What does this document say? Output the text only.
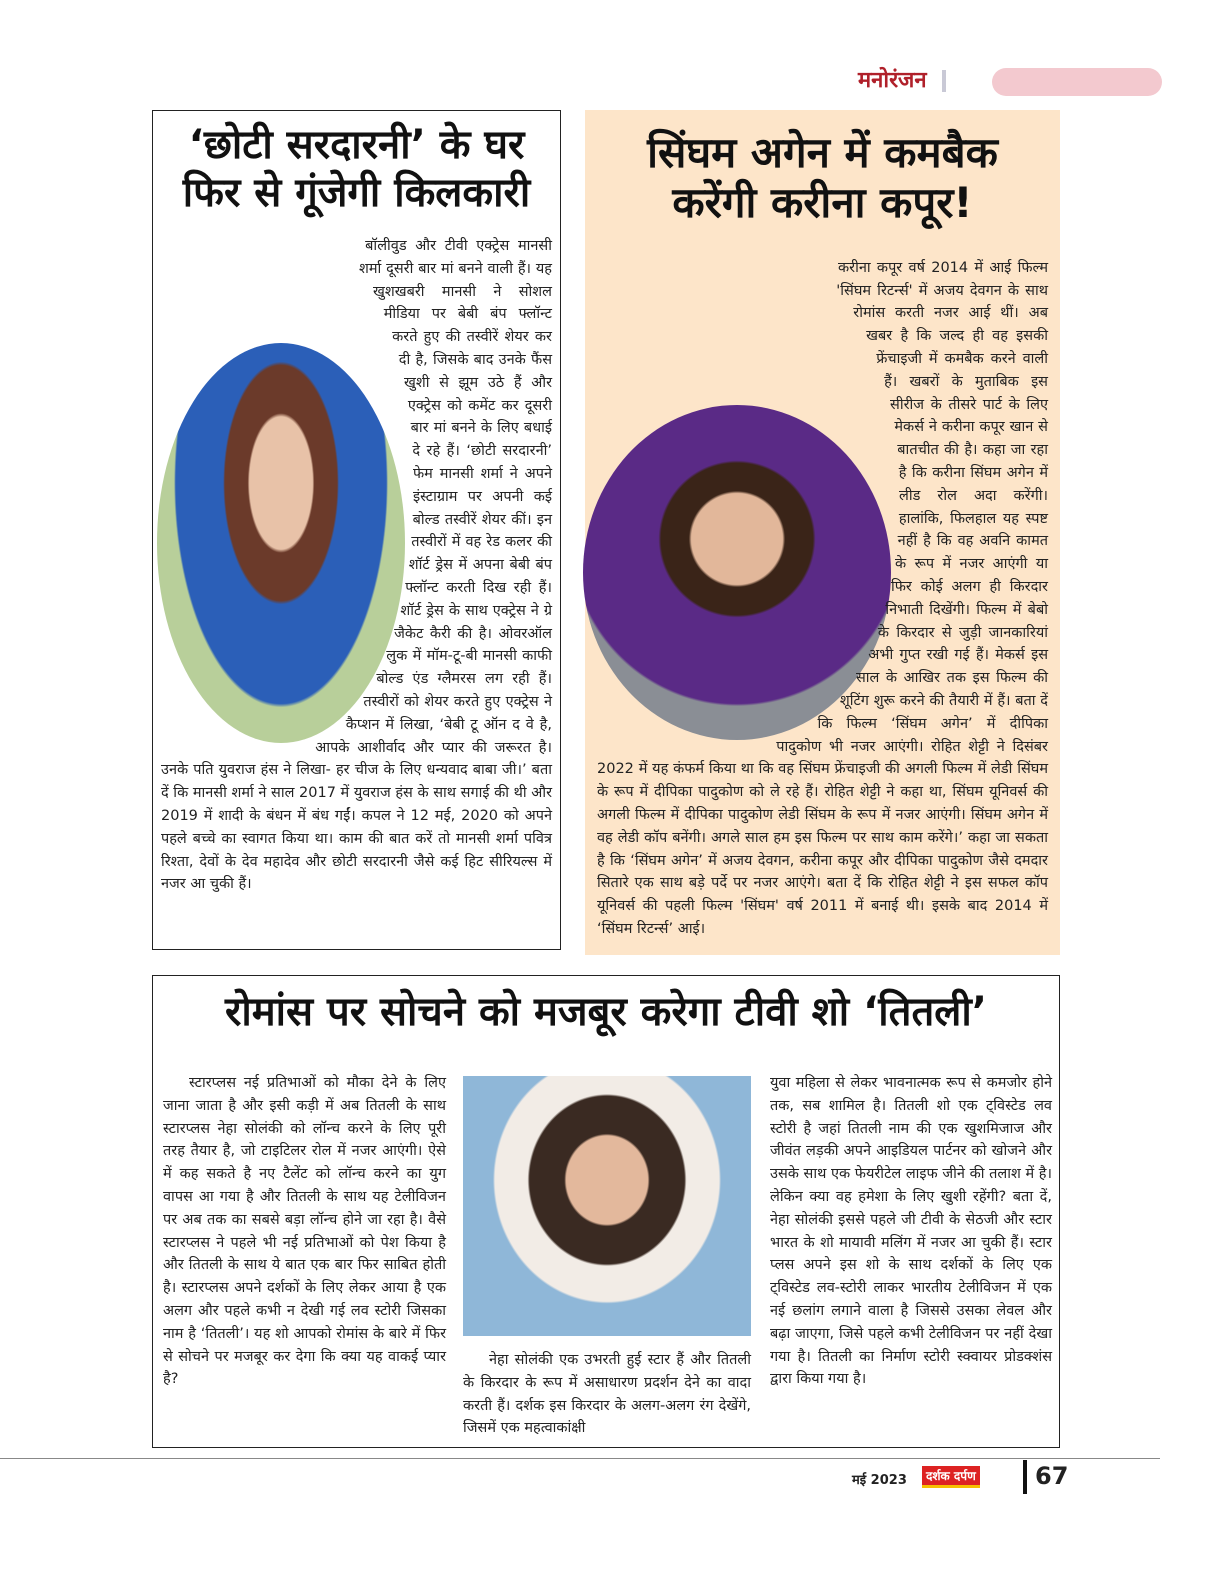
मनोरंजन
‘छोटी सरदारनी’ के घर
फिर से गूंजेगी किलकारी

बॉलीवुड और टीवी एक्ट्रेस मानसी शर्मा दूसरी बार मां बनने वाली हैं। यह खुशखबरी मानसी ने सोशल मीडिया पर बेबी बंप फ्लॉन्ट करते हुए की तस्वीरें शेयर कर दी है, जिसके बाद उनके फैंस खुशी से झूम उठे हैं और एक्ट्रेस को कमेंट कर दूसरी बार मां बनने के लिए बधाई दे रहे हैं। ‘छोटी सरदारनी’ फेम मानसी शर्मा ने अपने इंस्टाग्राम पर अपनी कई बोल्ड तस्वीरें शेयर कीं। इन तस्वीरों में वह रेड कलर की शॉर्ट ड्रेस में अपना बेबी बंप फ्लॉन्ट करती दिख रही हैं। शॉर्ट ड्रेस के साथ एक्ट्रेस ने ग्रे जैकेट कैरी की है। ओवरऑल लुक में मॉम-टू-बी मानसी काफी बोल्ड एंड ग्लैमरस लग रही हैं। तस्वीरों को शेयर करते हुए एक्ट्रेस ने कैप्शन में लिखा, ‘बेबी टू ऑन द वे है, आपके आशीर्वाद और प्यार की जरूरत है। उनके पति युवराज हंस ने लिखा- हर चीज के लिए धन्यवाद बाबा जी।’ बता दें कि मानसी शर्मा ने साल 2017 में युवराज हंस के साथ सगाई की थी और 2019 में शादी के बंधन में बंध गईं। कपल ने 12 मई, 2020 को अपने पहले बच्चे का स्वागत किया था। काम की बात करें तो मानसी शर्मा पवित्र रिश्ता, देवों के देव महादेव और छोटी सरदारनी जैसे कई हिट सीरियल्स में नजर आ चुकी हैं।

सिंघम अगेन में कमबैक
करेंगी करीना कपूर!

करीना कपूर वर्ष 2014 में आई फिल्म 'सिंघम रिटर्न्स' में अजय देवगन के साथ रोमांस करती नजर आई थीं। अब खबर है कि जल्द ही वह इसकी फ्रेंचाइजी में कमबैक करने वाली हैं। खबरों के मुताबिक इस सीरीज के तीसरे पार्ट के लिए मेकर्स ने करीना कपूर खान से बातचीत की है। कहा जा रहा है कि करीना सिंघम अगेन में लीड रोल अदा करेंगी। हालांकि, फिलहाल यह स्पष्ट नहीं है कि वह अवनि कामत के रूप में नजर आएंगी या फिर कोई अलग ही किरदार निभाती दिखेंगी। फिल्म में बेबो के किरदार से जुड़ी जानकारियां अभी गुप्त रखी गई हैं। मेकर्स इस साल के आखिर तक इस फिल्म की शूटिंग शुरू करने की तैयारी में हैं। बता दें कि फिल्म ‘सिंघम अगेन’ में दीपिका पादुकोण भी नजर आएंगी। रोहित शेट्टी ने दिसंबर 2022 में यह कंफर्म किया था कि वह सिंघम फ्रेंचाइजी की अगली फिल्म में लेडी सिंघम के रूप में दीपिका पादुकोण को ले रहे हैं। रोहित शेट्टी ने कहा था, सिंघम यूनिवर्स की अगली फिल्म में दीपिका पादुकोण लेडी सिंघम के रूप में नजर आएंगी। सिंघम अगेन में वह लेडी कॉप बनेंगी। अगले साल हम इस फिल्म पर साथ काम करेंगे।’ कहा जा सकता है कि ‘सिंघम अगेन’ में अजय देवगन, करीना कपूर और दीपिका पादुकोण जैसे दमदार सितारे एक साथ बड़े पर्दे पर नजर आएंगे। बता दें कि रोहित शेट्टी ने इस सफल कॉप यूनिवर्स की पहली फिल्म 'सिंघम' वर्ष 2011 में बनाई थी। इसके बाद 2014 में ‘सिंघम रिटर्न्स’ आई।

रोमांस पर सोचने को मजबूर करेगा टीवी शो ‘तितली’

स्टारप्लस नई प्रतिभाओं को मौका देने के लिए जाना जाता है और इसी कड़ी में अब तितली के साथ स्टारप्लस नेहा सोलंकी को लॉन्च करने के लिए पूरी तरह तैयार है, जो टाइटिलर रोल में नजर आएंगी। ऐसे में कह सकते है नए टैलेंट को लॉन्च करने का युग वापस आ गया है और तितली के साथ यह टेलीविजन पर अब तक का सबसे बड़ा लॉन्च होने जा रहा है। वैसे स्टारप्लस ने पहले भी नई प्रतिभाओं को पेश किया है और तितली के साथ ये बात एक बार फिर साबित होती है। स्टारप्लस अपने दर्शकों के लिए लेकर आया है एक अलग और पहले कभी न देखी गई लव स्टोरी जिसका नाम है ‘तितली’। यह शो आपको रोमांस के बारे में फिर से सोचने पर मजबूर कर देगा कि क्या यह वाकई प्यार है?

नेहा सोलंकी एक उभरती हुई स्टार हैं और तितली के किरदार के रूप में असाधारण प्रदर्शन देने का वादा करती हैं। दर्शक इस किरदार के अलग-अलग रंग देखेंगे, जिसमें एक महत्वाकांक्षी

युवा महिला से लेकर भावनात्मक रूप से कमजोर होने तक, सब शामिल है। तितली शो एक ट्विस्टेड लव स्टोरी है जहां तितली नाम की एक खुशमिजाज और जीवंत लड़की अपने आइडियल पार्टनर को खोजने और उसके साथ एक फेयरीटेल लाइफ जीने की तलाश में है। लेकिन क्या वह हमेशा के लिए खुशी रहेंगी? बता दें, नेहा सोलंकी इससे पहले जी टीवी के सेठजी और स्टार भारत के शो मायावी मलिंग में नजर आ चुकी हैं। स्टार प्लस अपने इस शो के साथ दर्शकों के लिए एक ट्विस्टेड लव-स्टोरी लाकर भारतीय टेलीविजन में एक नई छलांग लगाने वाला है जिससे उसका लेवल और बढ़ा जाएगा, जिसे पहले कभी टेलीविजन पर नहीं देखा गया है। तितली का निर्माण स्टोरी स्क्वायर प्रोडक्शंस द्वारा किया गया है।

मई 2023	दर्शक दर्पण 67
